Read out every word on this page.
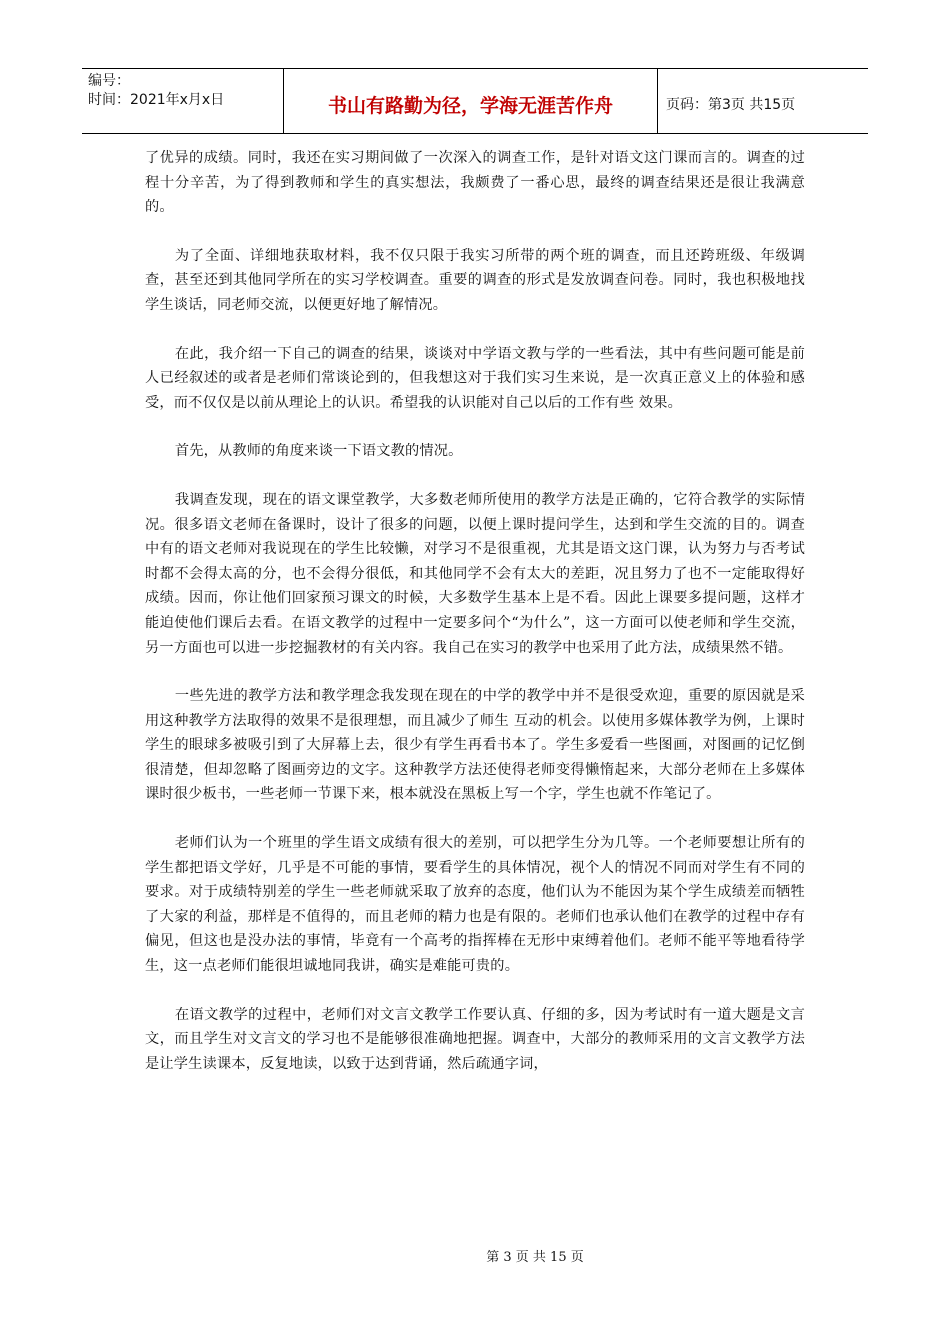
编号：
时间：2021年x月x日	书山有路勤为径，学海无涯苦作舟	页码：第3页 共15页

了优异的成绩。同时，我还在实习期间做了一次深入的调查工作，是针对语文这门课而言的。调查的过程十分辛苦，为了得到教师和学生的真实想法，我颇费了一番心思，最终的调查结果还是很让我满意的。

为了全面、详细地获取材料，我不仅只限于我实习所带的两个班的调查，而且还跨班级、年级调查，甚至还到其他同学所在的实习学校调查。重要的调查的形式是发放调查问卷。同时，我也积极地找学生谈话，同老师交流，以便更好地了解情况。

在此，我介绍一下自己的调查的结果，谈谈对中学语文教与学的一些看法，其中有些问题可能是前人已经叙述的或者是老师们常谈论到的，但我想这对于我们实习生来说，是一次真正意义上的体验和感受，而不仅仅是以前从理论上的认识。希望我的认识能对自己以后的工作有些 效果。

首先，从教师的角度来谈一下语文教的情况。

我调查发现，现在的语文课堂教学，大多数老师所使用的教学方法是正确的，它符合教学的实际情况。很多语文老师在备课时，设计了很多的问题，以便上课时提问学生，达到和学生交流的目的。调查中有的语文老师对我说现在的学生比较懒，对学习不是很重视，尤其是语文这门课，认为努力与否考试时都不会得太高的分，也不会得分很低，和其他同学不会有太大的差距，况且努力了也不一定能取得好成绩。因而，你让他们回家预习课文的时候，大多数学生基本上是不看。因此上课要多提问题，这样才能迫使他们课后去看。在语文教学的过程中一定要多问个“为什么”，这一方面可以使老师和学生交流，另一方面也可以进一步挖掘教材的有关内容。我自己在实习的教学中也采用了此方法，成绩果然不错。

一些先进的教学方法和教学理念我发现在现在的中学的教学中并不是很受欢迎，重要的原因就是采用这种教学方法取得的效果不是很理想，而且减少了师生 互动的机会。以使用多媒体教学为例，上课时学生的眼球多被吸引到了大屏幕上去，很少有学生再看书本了。学生多爱看一些图画，对图画的记忆倒很清楚，但却忽略了图画旁边的文字。这种教学方法还使得老师变得懒惰起来，大部分老师在上多媒体课时很少板书，一些老师一节课下来，根本就没在黑板上写一个字，学生也就不作笔记了。

老师们认为一个班里的学生语文成绩有很大的差别，可以把学生分为几等。一个老师要想让所有的学生都把语文学好，几乎是不可能的事情，要看学生的具体情况，视个人的情况不同而对学生有不同的要求。对于成绩特别差的学生一些老师就采取了放弃的态度，他们认为不能因为某个学生成绩差而牺牲了大家的利益，那样是不值得的，而且老师的精力也是有限的。老师们也承认他们在教学的过程中存有偏见，但这也是没办法的事情，毕竟有一个高考的指挥棒在无形中束缚着他们。老师不能平等地看待学生，这一点老师们能很坦诚地同我讲，确实是难能可贵的。

在语文教学的过程中，老师们对文言文教学工作要认真、仔细的多，因为考试时有一道大题是文言文，而且学生对文言文的学习也不是能够很准确地把握。调查中，大部分的教师采用的文言文教学方法是让学生读课本，反复地读，以致于达到背诵，然后疏通字词，

第 3 页 共 15 页
